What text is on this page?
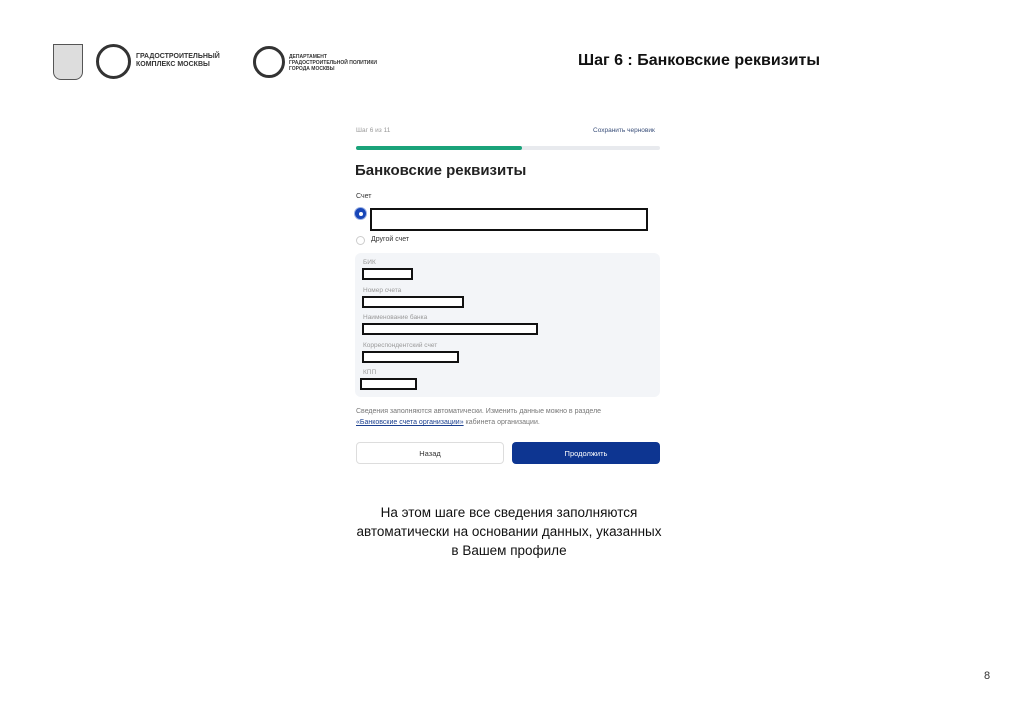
ГРАДОСТРОИТЕЛЬНЫЙ
КОМПЛЕКС МОСКВЫ
ДЕПАРТАМЕНТ
ГРАДОСТРОИТЕЛЬНОЙ ПОЛИТИКИ
ГОРОДА МОСКВЫ	Шаг 6 : Банковские реквизиты
Шаг 6 из 11	Сохранить черновик
Банковские реквизиты
Счет
Другой счет
БИК
Номер счета
Наименование банка
Корреспондентский счет
КПП
Сведения заполняются автоматически. Изменить данные можно в разделе
«Банковские счета организации» кабинета организации.
Назад	Продолжить
На этом шаге все сведения заполняются
автоматически на основании данных, указанных
в Вашем профиле
8
